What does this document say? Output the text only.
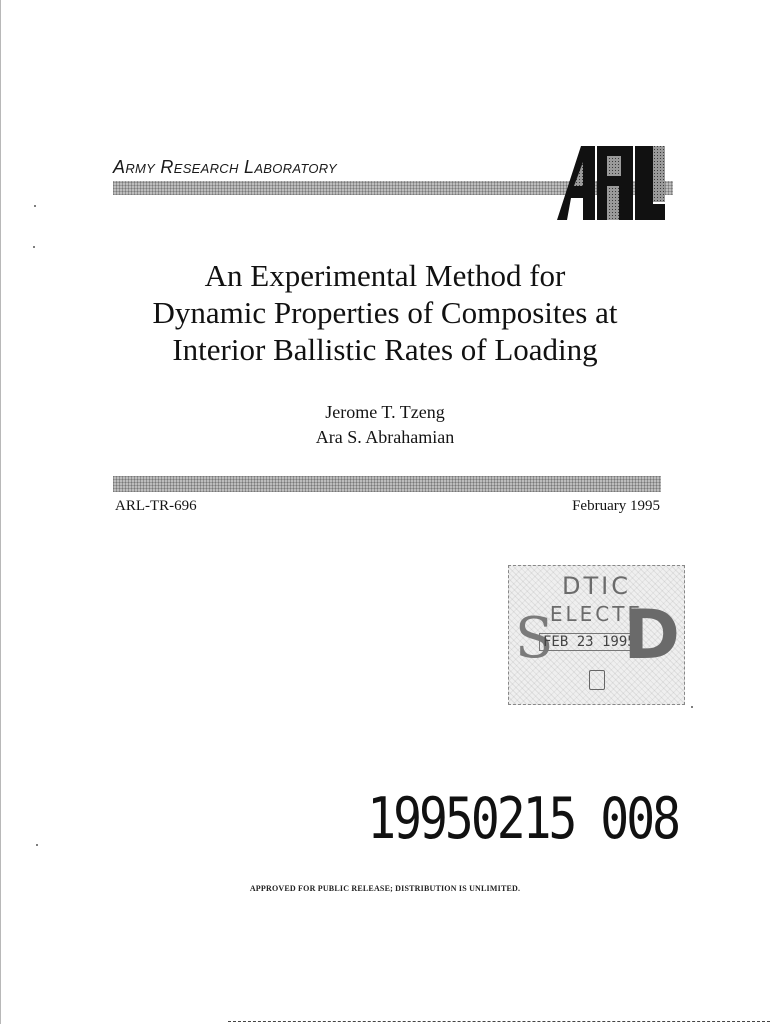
ARMY RESEARCH LABORATORY
An Experimental Method for
Dynamic Properties of Composites at
Interior Ballistic Rates of Loading
Jerome T. Tzeng
Ara S. Abrahamian
ARL-TR-696	February 1995
DTIC
ELECTE
S
FEB 23 1995
D
19950215 008
APPROVED FOR PUBLIC RELEASE; DISTRIBUTION IS UNLIMITED.
